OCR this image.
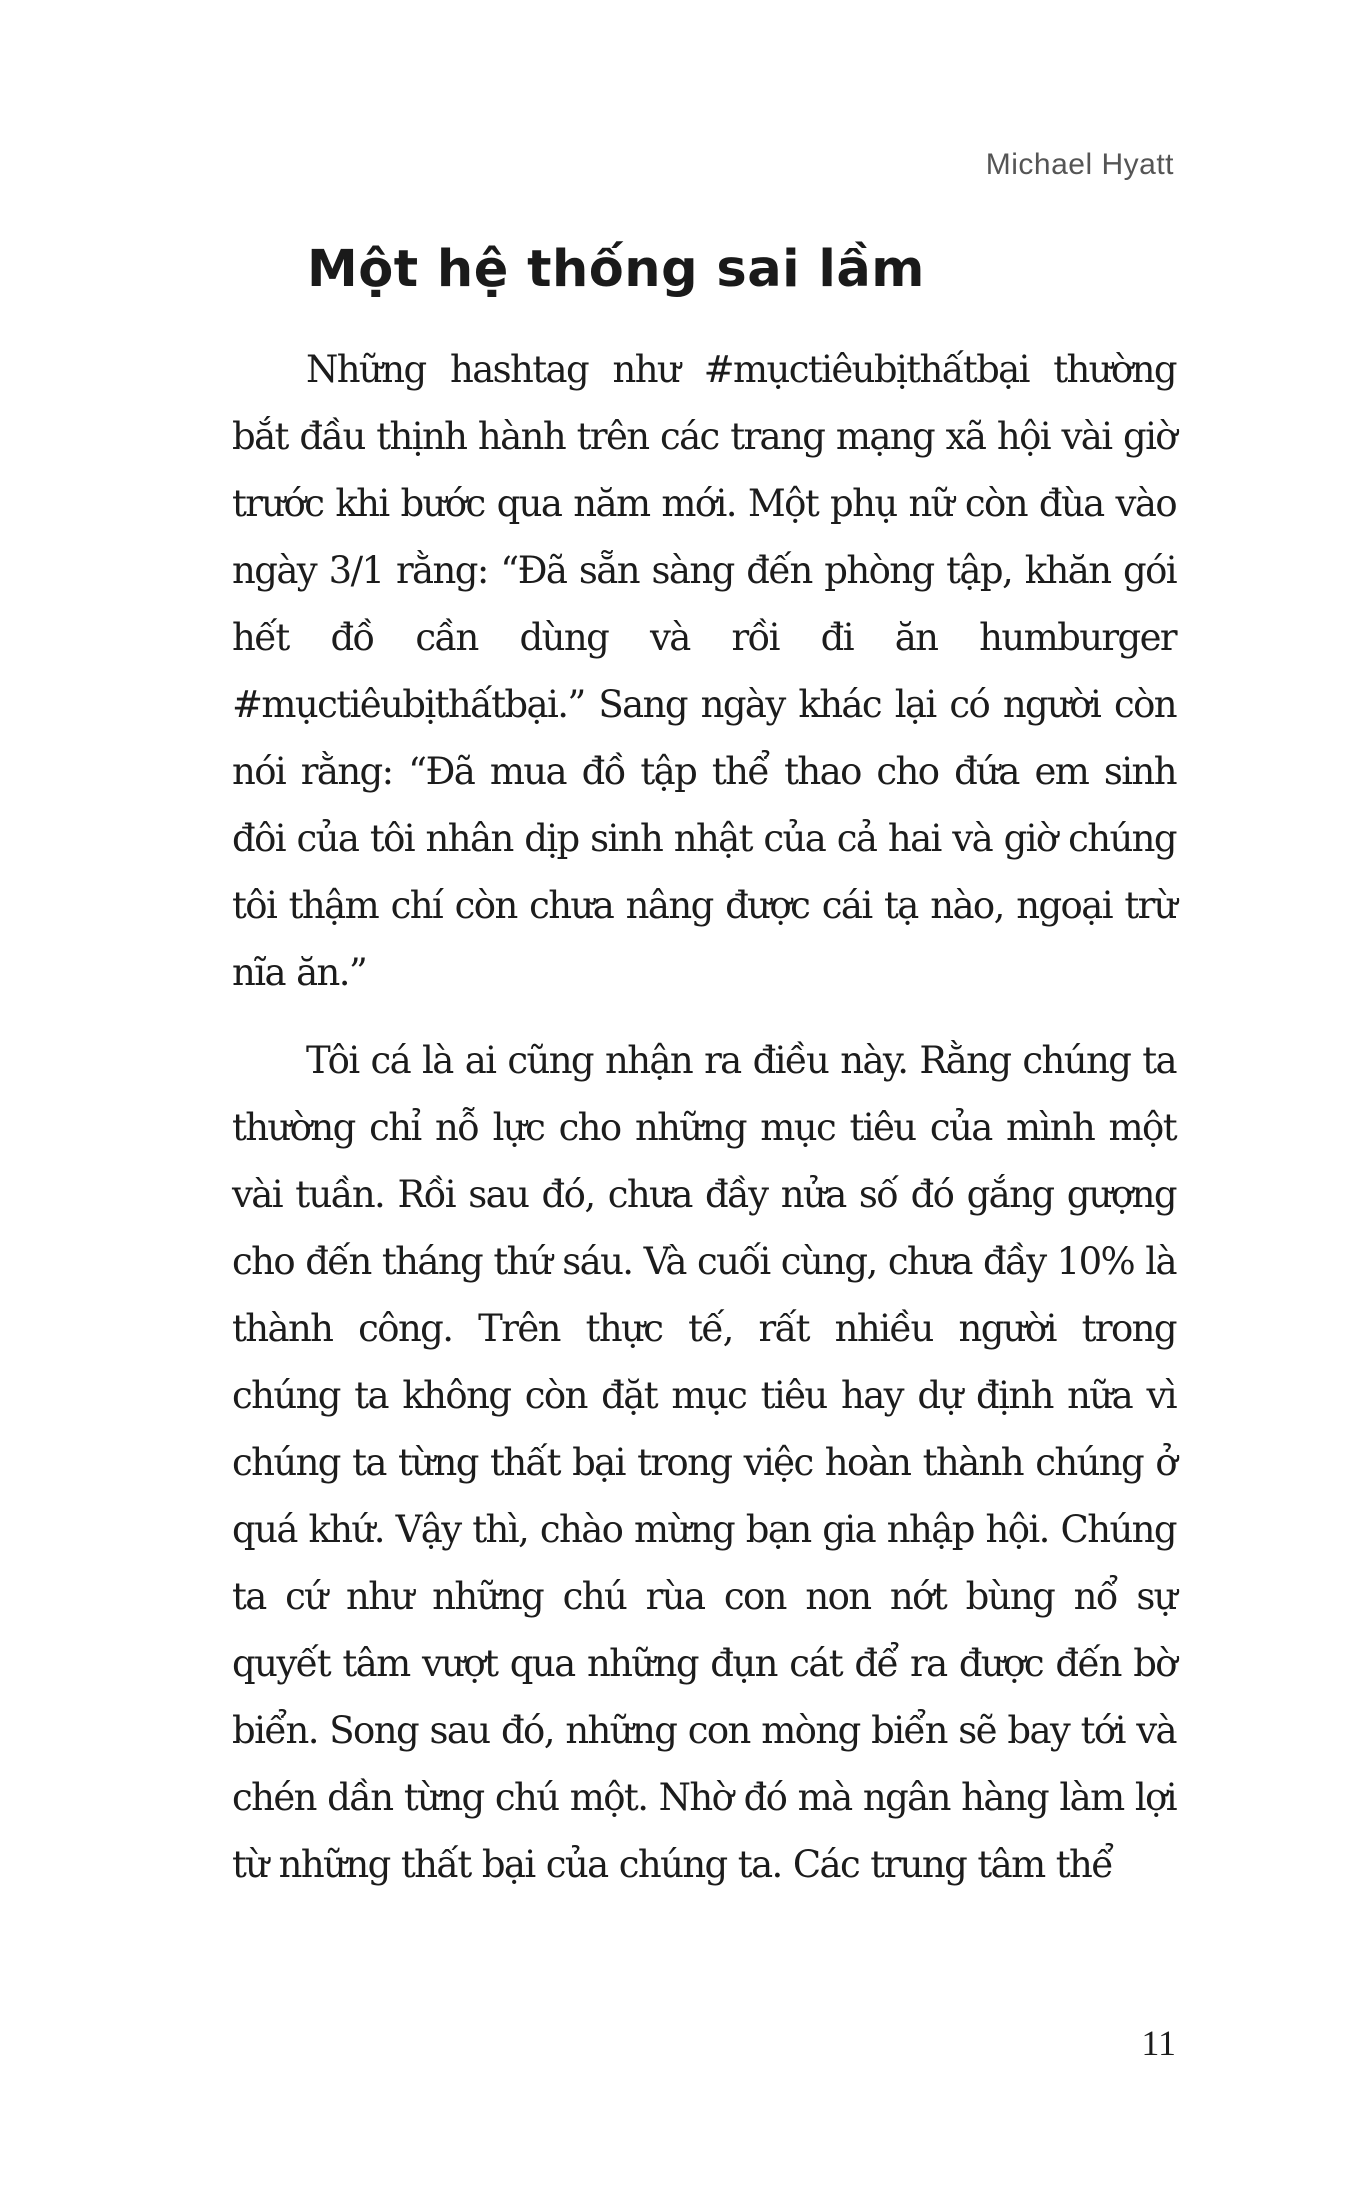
Michael Hyatt
Một hệ thống sai lầm

Những hashtag như #mụctiêubịthấtbại thường bắt đầu thịnh hành trên các trang mạng xã hội vài giờ trước khi bước qua năm mới. Một phụ nữ còn đùa vào ngày 3/1 rằng: “Đã sẵn sàng đến phòng tập, khăn gói hết đồ cần dùng và rồi đi ăn humburger #mụctiêubịthấtbại.” Sang ngày khác lại có người còn nói rằng: “Đã mua đồ tập thể thao cho đứa em sinh đôi của tôi nhân dịp sinh nhật của cả hai và giờ chúng tôi thậm chí còn chưa nâng được cái tạ nào, ngoại trừ nĩa ăn.”

Tôi cá là ai cũng nhận ra điều này. Rằng chúng ta thường chỉ nỗ lực cho những mục tiêu của mình một vài tuần. Rồi sau đó, chưa đầy nửa số đó gắng gượng cho đến tháng thứ sáu. Và cuối cùng, chưa đầy 10% là thành công. Trên thực tế, rất nhiều người trong chúng ta không còn đặt mục tiêu hay dự định nữa vì chúng ta từng thất bại trong việc hoàn thành chúng ở quá khứ. Vậy thì, chào mừng bạn gia nhập hội. Chúng ta cứ như những chú rùa con non nớt bùng nổ sự quyết tâm vượt qua những đụn cát để ra được đến bờ biển. Song sau đó, những con mòng biển sẽ bay tới và chén dần từng chú một. Nhờ đó mà ngân hàng làm lợi từ những thất bại của chúng ta. Các trung tâm thể

11
